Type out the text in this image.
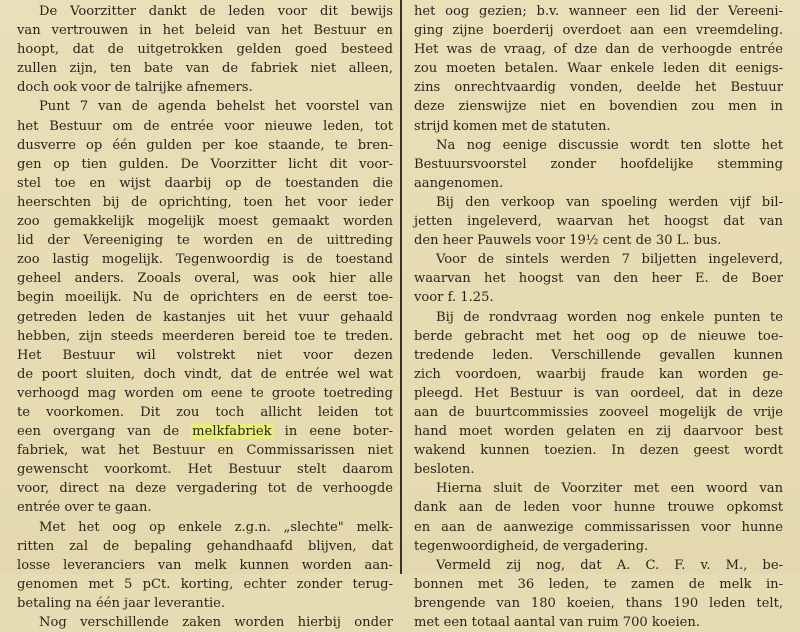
De Voorzitter dankt de leden voor dit bewijs
van vertrouwen in het beleid van het Bestuur en
hoopt, dat de uitgetrokken gelden goed besteed
zullen zijn, ten bate van de fabriek niet alleen,
doch ook voor de talrijke afnemers.
Punt 7 van de agenda behelst het voorstel van
het Bestuur om de entrée voor nieuwe leden, tot
dusverre op één gulden per koe staande, te bren-
gen op tien gulden. De Voorzitter licht dit voor-
stel toe en wijst daarbij op de toestanden die
heerschten bij de oprichting, toen het voor ieder
zoo gemakkelijk mogelijk moest gemaakt worden
lid der Vereeniging te worden en de uittreding
zoo lastig mogelijk. Tegenwoordig is de toestand
geheel anders. Zooals overal, was ook hier alle
begin moeilijk. Nu de oprichters en de eerst toe-
getreden leden de kastanjes uit het vuur gehaald
hebben, zijn steeds meerderen bereid toe te treden.
Het Bestuur wil volstrekt niet voor dezen
de poort sluiten, doch vindt, dat de entrée wel wat
verhoogd mag worden om eene te groote toetreding
te voorkomen. Dit zou toch allicht leiden tot
een overgang van de melkfabriek in eene boter-
fabriek, wat het Bestuur en Commissarissen niet
gewenscht voorkomt. Het Bestuur stelt daarom
voor, direct na deze vergadering tot de verhoogde
entrée over te gaan.
Met het oog op enkele z.g.n. „slechte" melk-
ritten zal de bepaling gehandhaafd blijven, dat
losse leveranciers van melk kunnen worden aan-
genomen met 5 pCt. korting, echter zonder terug-
betaling na één jaar leverantie.
Nog verschillende zaken worden hierbij onder
het oog gezien; b.v. wanneer een lid der Vereeni-
ging zijne boerderij overdoet aan een vreemdeling.
Het was de vraag, of dze dan de verhoogde entrée
zou moeten betalen. Waar enkele leden dit eenigs-
zins onrechtvaardig vonden, deelde het Bestuur
deze zienswijze niet en bovendien zou men in
strijd komen met de statuten.
Na nog eenige discussie wordt ten slotte het
Bestuursvoorstel zonder hoofdelijke stemming
aangenomen.
Bij den verkoop van spoeling werden vijf bil-
jetten ingeleverd, waarvan het hoogst dat van
den heer Pauwels voor 19½ cent de 30 L. bus.
Voor de sintels werden 7 biljetten ingeleverd,
waarvan het hoogst van den heer E. de Boer
voor f. 1.25.
Bij de rondvraag worden nog enkele punten te
berde gebracht met het oog op de nieuwe toe-
tredende leden. Verschillende gevallen kunnen
zich voordoen, waarbij fraude kan worden ge-
pleegd. Het Bestuur is van oordeel, dat in deze
aan de buurtcommissies zooveel mogelijk de vrije
hand moet worden gelaten en zij daarvoor best
wakend kunnen toezien. In dezen geest wordt
besloten.
Hierna sluit de Voorziter met een woord van
dank aan de leden voor hunne trouwe opkomst
en aan de aanwezige commissarissen voor hunne
tegenwoordigheid, de vergadering.
Vermeld zij nog, dat A. C. F. v. M., be-
bonnen met 36 leden, te zamen de melk in-
brengende van 180 koeien, thans 190 leden telt,
met een totaal aantal van ruim 700 koeien.
